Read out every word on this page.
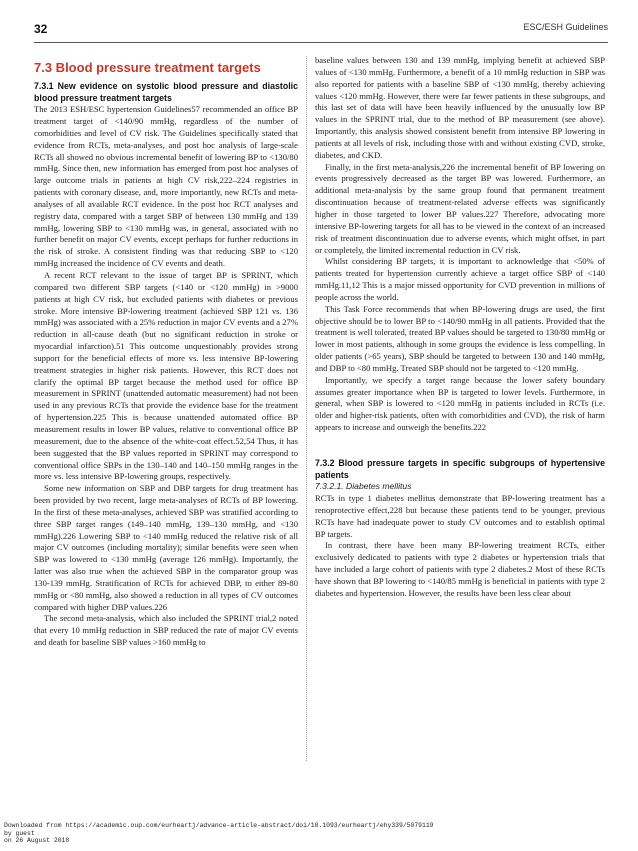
32	ESC/ESH Guidelines
7.3 Blood pressure treatment targets
7.3.1 New evidence on systolic blood pressure and diastolic blood pressure treatment targets

The 2013 ESH/ESC hypertension Guidelines57 recommended an office BP treatment target of <140/90 mmHg, regardless of the number of comorbidities and level of CV risk. The Guidelines specifically stated that evidence from RCTs, meta-analyses, and post hoc analysis of large-scale RCTs all showed no obvious incremental benefit of lowering BP to <130/80 mmHg. Since then, new information has emerged from post hoc analyses of large outcome trials in patients at high CV risk,222–224 registries in patients with coronary disease, and, more importantly, new RCTs and meta-analyses of all available RCT evidence. In the post hoc RCT analyses and registry data, compared with a target SBP of between 130 mmHg and 139 mmHg, lowering SBP to <130 mmHg was, in general, associated with no further benefit on major CV events, except perhaps for further reductions in the risk of stroke. A consistent finding was that reducing SBP to <120 mmHg increased the incidence of CV events and death.

A recent RCT relevant to the issue of target BP is SPRINT, which compared two different SBP targets (<140 or <120 mmHg) in >9000 patients at high CV risk, but excluded patients with diabetes or previous stroke. More intensive BP-lowering treatment (achieved SBP 121 vs. 136 mmHg) was associated with a 25% reduction in major CV events and a 27% reduction in all-cause death (but no significant reduction in stroke or myocardial infarction).51 This outcome unquestionably provides strong support for the beneficial effects of more vs. less intensive BP-lowering treatment strategies in higher risk patients. However, this RCT does not clarify the optimal BP target because the method used for office BP measurement in SPRINT (unattended automatic measurement) had not been used in any previous RCTs that provide the evidence base for the treatment of hypertension.225 This is because unattended automated office BP measurement results in lower BP values, relative to conventional office BP measurement, due to the absence of the white-coat effect.52,54 Thus, it has been suggested that the BP values reported in SPRINT may correspond to conventional office SBPs in the 130–140 and 140–150 mmHg ranges in the more vs. less intensive BP-lowering groups, respectively.

Some new information on SBP and DBP targets for drug treatment has been provided by two recent, large meta-analyses of RCTs of BP lowering. In the first of these meta-analyses, achieved SBP was stratified according to three SBP target ranges (149–140 mmHg, 139–130 mmHg, and <130 mmHg).226 Lowering SBP to <140 mmHg reduced the relative risk of all major CV outcomes (including mortality); similar benefits were seen when SBP was lowered to <130 mmHg (average 126 mmHg). Importantly, the latter was also true when the achieved SBP in the comparator group was 130-139 mmHg. Stratification of RCTs for achieved DBP, to either 89-80 mmHg or <80 mmHg, also showed a reduction in all types of CV outcomes compared with higher DBP values.226

The second meta-analysis, which also included the SPRINT trial,2 noted that every 10 mmHg reduction in SBP reduced the rate of major CV events and death for baseline SBP values >160 mmHg to

baseline values between 130 and 139 mmHg, implying benefit at achieved SBP values of <130 mmHg. Furthermore, a benefit of a 10 mmHg reduction in SBP was also reported for patients with a baseline SBP of <130 mmHg, thereby achieving values <120 mmHg. However, there were far fewer patients in these subgroups, and this last set of data will have been heavily influenced by the unusually low BP values in the SPRINT trial, due to the method of BP measurement (see above). Importantly, this analysis showed consistent benefit from intensive BP lowering in patients at all levels of risk, including those with and without existing CVD, stroke, diabetes, and CKD.

Finally, in the first meta-analysis,226 the incremental benefit of BP lowering on events progressively decreased as the target BP was lowered. Furthermore, an additional meta-analysis by the same group found that permanent treatment discontinuation because of treatment-related adverse effects was significantly higher in those targeted to lower BP values.227 Therefore, advocating more intensive BP-lowering targets for all has to be viewed in the context of an increased risk of treatment discontinuation due to adverse events, which might offset, in part or completely, the limited incremental reduction in CV risk.

Whilst considering BP targets, it is important to acknowledge that <50% of patients treated for hypertension currently achieve a target office SBP of <140 mmHg.11,12 This is a major missed opportunity for CVD prevention in millions of people across the world.

This Task Force recommends that when BP-lowering drugs are used, the first objective should be to lower BP to <140/90 mmHg in all patients. Provided that the treatment is well tolerated, treated BP values should be targeted to 130/80 mmHg or lower in most patients, although in some groups the evidence is less compelling. In older patients (>65 years), SBP should be targeted to between 130 and 140 mmHg, and DBP to <80 mmHg. Treated SBP should not be targeted to <120 mmHg.

Importantly, we specify a target range because the lower safety boundary assumes greater importance when BP is targeted to lower levels. Furthermore, in general, when SBP is lowered to <120 mmHg in patients included in RCTs (i.e. older and higher-risk patients, often with comorbidities and CVD), the risk of harm appears to increase and outweigh the benefits.222

7.3.2 Blood pressure targets in specific subgroups of hypertensive patients
7.3.2.1. Diabetes mellitus

RCTs in type 1 diabetes mellitus demonstrate that BP-lowering treatment has a renoprotective effect,228 but because these patients tend to be younger, previous RCTs have had inadequate power to study CV outcomes and to establish optimal BP targets.

In contrast, there have been many BP-lowering treatment RCTs, either exclusively dedicated to patients with type 2 diabetes or hypertension trials that have included a large cohort of patients with type 2 diabetes.2 Most of these RCTs have shown that BP lowering to <140/85 mmHg is beneficial in patients with type 2 diabetes and hypertension. However, the results have been less clear about

Downloaded from https://academic.oup.com/eurheartj/advance-article-abstract/doi/10.1093/eurheartj/ehy339/5079119
by guest
on 26 August 2018
